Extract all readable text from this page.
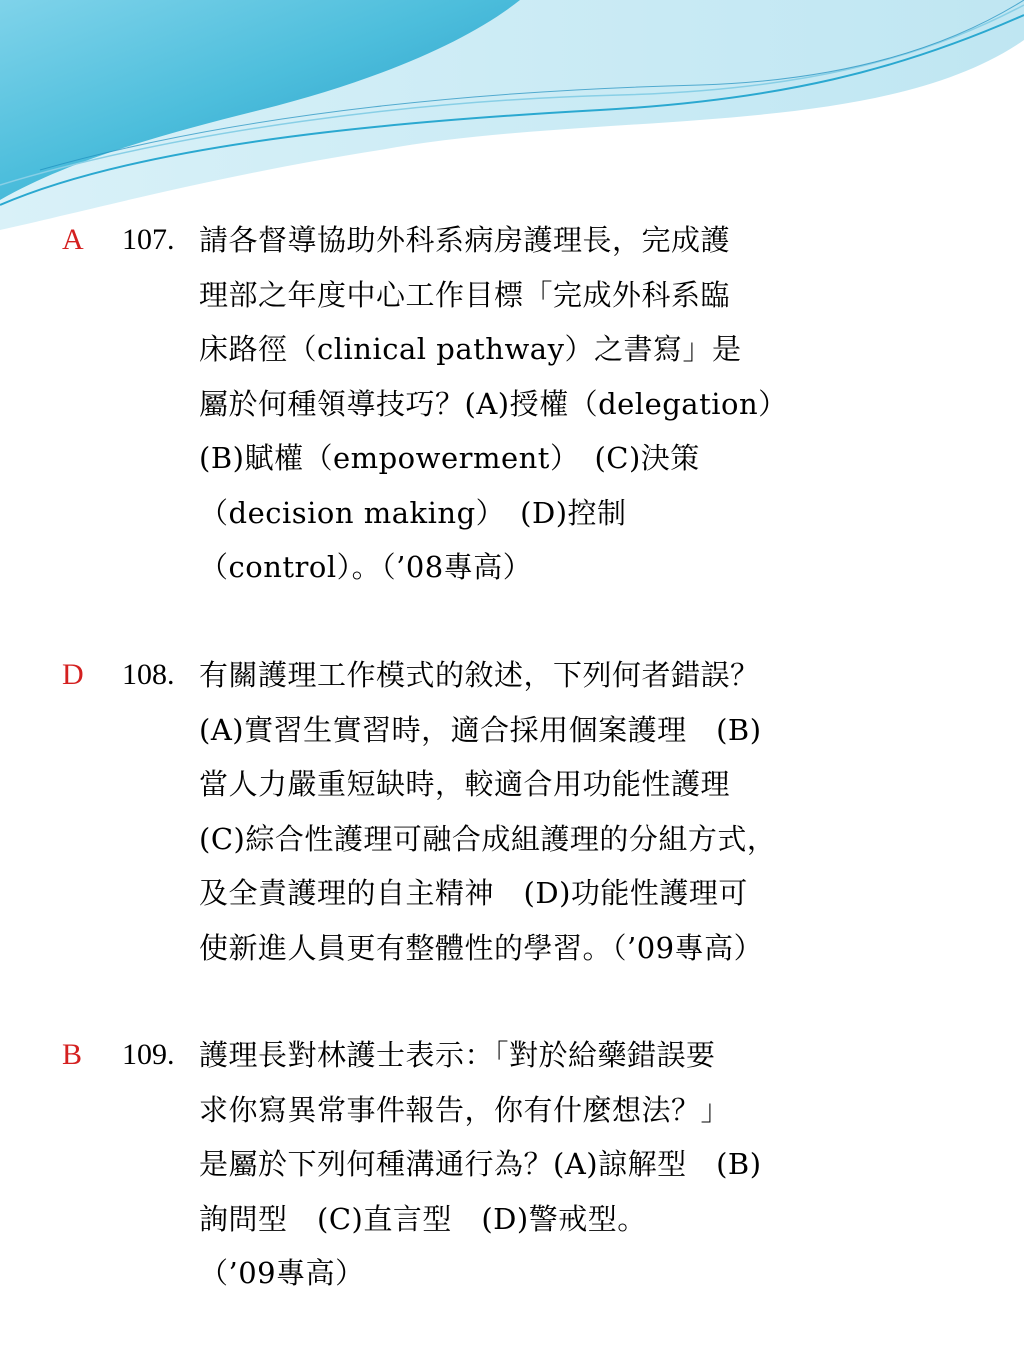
A 107. 請各督導協助外科系病房護理長，完成護
理部之年度中心工作目標「完成外科系臨
床路徑（clinical pathway）之書寫」是
屬於何種領導技巧？(A)授權（delegation）
(B)賦權（empowerment）　(C)決策
（decision making）　(D)控制
（control）。（’08專高）
D 108. 有關護理工作模式的敘述，下列何者錯誤？
(A)實習生實習時，適合採用個案護理　(B)
當人力嚴重短缺時，較適合用功能性護理
(C)綜合性護理可融合成組護理的分組方式，
及全責護理的自主精神　(D)功能性護理可
使新進人員更有整體性的學習。（’09專高）
B 109. 護理長對林護士表示：「對於給藥錯誤要
求你寫異常事件報告，你有什麼想法？」
是屬於下列何種溝通行為？(A)諒解型　(B)
詢問型　(C)直言型　(D)警戒型。
（’09專高）
